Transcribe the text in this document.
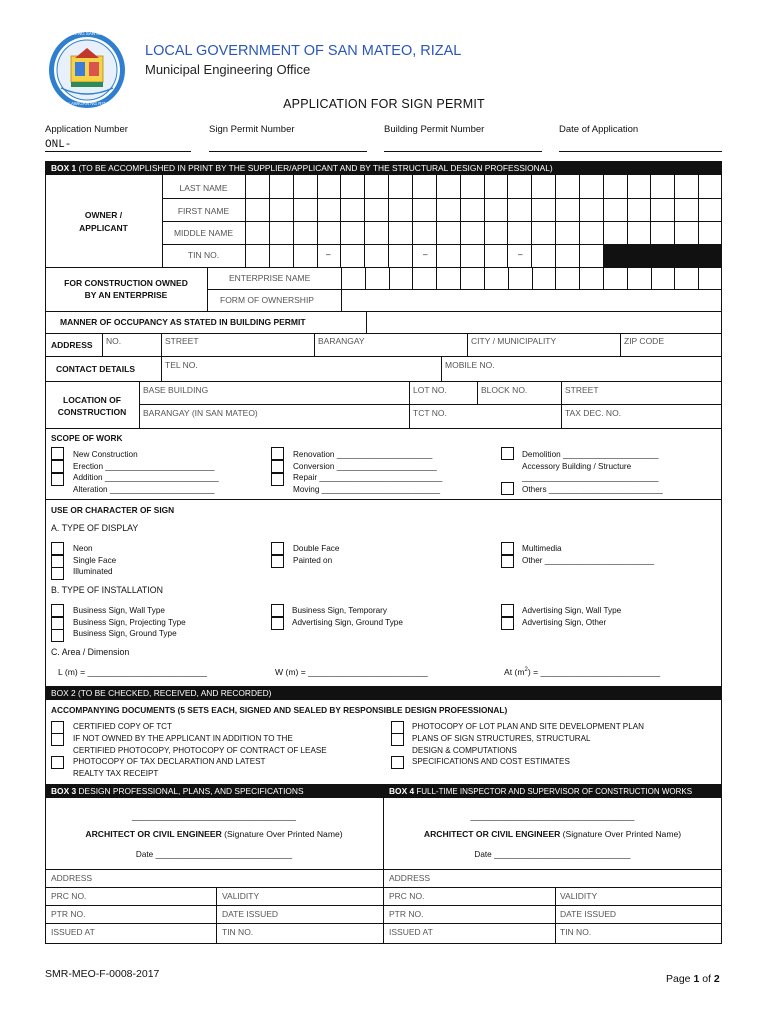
BAYAN NG SAN MATEO
LALAWIGAN NG RIZAL
LOCAL GOVERNMENT OF SAN MATEO, RIZAL
Municipal Engineering Office
APPLICATION FOR SIGN PERMIT
Application Number	Sign Permit Number	Building Permit Number	Date of Application
ONL-
BOX 1 (TO BE ACCOMPLISHED IN PRINT BY THE SUPPLIER/APPLICANT AND BY THE STRUCTURAL DESIGN PROFESSIONAL)
OWNER /
APPLICANT
LAST NAME
FIRST NAME
MIDDLE NAME
TIN NO.	–	–	–
FOR CONSTRUCTION OWNED
BY AN ENTERPRISE
ENTERPRISE NAME
FORM OF OWNERSHIP
MANNER OF OCCUPANCY AS STATED IN BUILDING PERMIT
ADDRESS NO.	STREET	BARANGAY	CITY / MUNICIPALITY	ZIP CODE
CONTACT DETAILS	TEL NO.	MOBILE NO.
LOCATION OF
CONSTRUCTION
BASE BUILDING	LOT NO.	BLOCK NO.	STREET
BARANGAY (IN SAN MATEO)	TCT NO.	TAX DEC. NO.
SCOPE OF WORK
New Construction
Erection ________________________
Addition _________________________
Alteration _______________________
Renovation _____________________
Conversion ______________________
Repair ___________________________
Moving __________________________
Demolition _____________________
Accessory Building / Structure
______________________________
Others _________________________
USE OR CHARACTER OF SIGN
A. TYPE OF DISPLAY
Neon
Single Face
Illuminated
Double Face
Painted on
Multimedia
Other ________________________
B. TYPE OF INSTALLATION
Business Sign, Wall Type
Business Sign, Projecting Type
Business Sign, Ground Type
Business Sign, Temporary
Advertising Sign, Ground Type
Advertising Sign, Wall Type
Advertising Sign, Other
C. Area / Dimension
L (m) = _________________________	W (m) = _________________________	At $(m^2)$ = _________________________
BOX 2 (TO BE CHECKED, RECEIVED, AND RECORDED)
ACCOMPANYING DOCUMENTS (5 SETS EACH, SIGNED AND SEALED BY RESPONSIBLE DESIGN PROFESSIONAL)
CERTIFIED COPY OF TCT
IF NOT OWNED BY THE APPLICANT IN ADDITION TO THE
CERTIFIED PHOTOCOPY, PHOTOCOPY OF CONTRACT OF LEASE
PHOTOCOPY OF TAX DECLARATION AND LATEST
REALTY TAX RECEIPT
PHOTOCOPY OF LOT PLAN AND SITE DEVELOPMENT PLAN
PLANS OF SIGN STRUCTURES, STRUCTURAL
DESIGN & COMPUTATIONS
SPECIFICATIONS AND COST ESTIMATES
BOX 3 DESIGN PROFESSIONAL, PLANS, AND SPECIFICATIONS	BOX 4 FULL-TIME INSPECTOR AND SUPERVISOR OF CONSTRUCTION WORKS
____________________________________
ARCHITECT OR CIVIL ENGINEER (Signature Over Printed Name)
Date ______________________________
____________________________________
ARCHITECT OR CIVIL ENGINEER (Signature Over Printed Name)
Date ______________________________
ADDRESS
PRC NO.	VALIDITY
PTR NO.	DATE ISSUED
ISSUED AT	TIN NO.
ADDRESS
PRC NO.	VALIDITY
PTR NO.	DATE ISSUED
ISSUED AT	TIN NO.
SMR-MEO-F-0008-2017	Page 1 of 2
